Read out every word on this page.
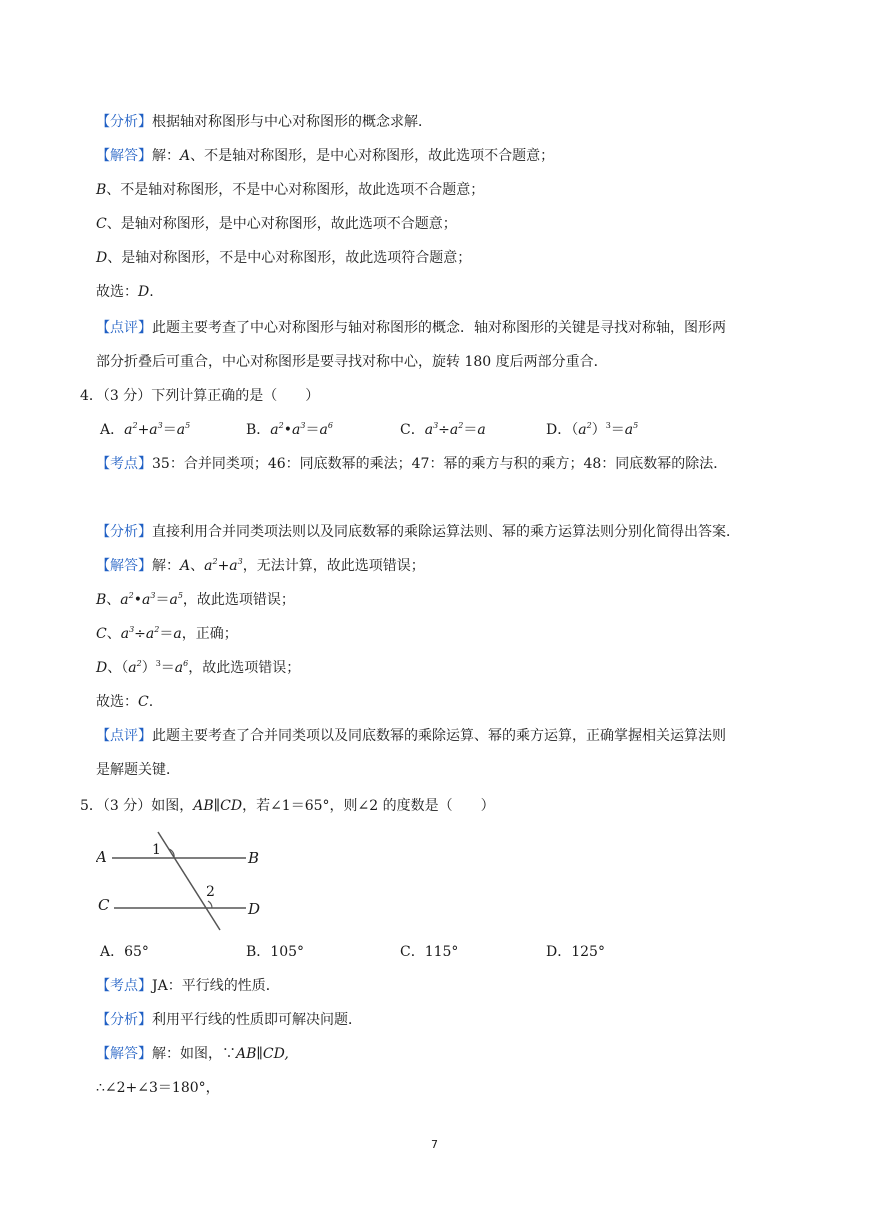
【分析】根据轴对称图形与中心对称图形的概念求解．
【解答】解：A、不是轴对称图形，是中心对称图形，故此选项不合题意；
B、不是轴对称图形，不是中心对称图形，故此选项不合题意；
C、是轴对称图形，是中心对称图形，故此选项不合题意；
D、是轴对称图形，不是中心对称图形，故此选项符合题意；
故选：D.
【点评】此题主要考查了中心对称图形与轴对称图形的概念．轴对称图形的关键是寻找对称轴，图形两
部分折叠后可重合，中心对称图形是要寻找对称中心，旋转 180 度后两部分重合．
4．（3 分）下列计算正确的是（　　）
A．$a^2+a^3=a^5$	B．$a^2•a^3=a^6$	C．$a^3\div a^2=a$	D．$(a^2)^3=a^5$
【考点】35：合并同类项；46：同底数幂的乘法；47：幂的乘方与积的乘方；48：同底数幂的除法．
【分析】直接利用合并同类项法则以及同底数幂的乘除运算法则、幂的乘方运算法则分别化简得出答案．
【解答】解：A、$a^2+a^3$，无法计算，故此选项错误；
B、$a^2•a^3=a^5$，故此选项错误；
C、$a^3\div a^2=a$，正确；
D、$(a^2)^3=a^6$，故此选项错误；
故选：C.
【点评】此题主要考查了合并同类项以及同底数幂的乘除运算、幂的乘方运算，正确掌握相关运算法则
是解题关键．
5．（3 分）如图，AB∥CD，若∠1＝65°，则∠2 的度数是（　　）
A	B
C	D
1
2
A．65°	B．105°	C．115°	D．125°
【考点】JA：平行线的性质．
【分析】利用平行线的性质即可解决问题．
【解答】解：如图，∵AB∥CD,
∴∠2+∠3＝180°，
7
